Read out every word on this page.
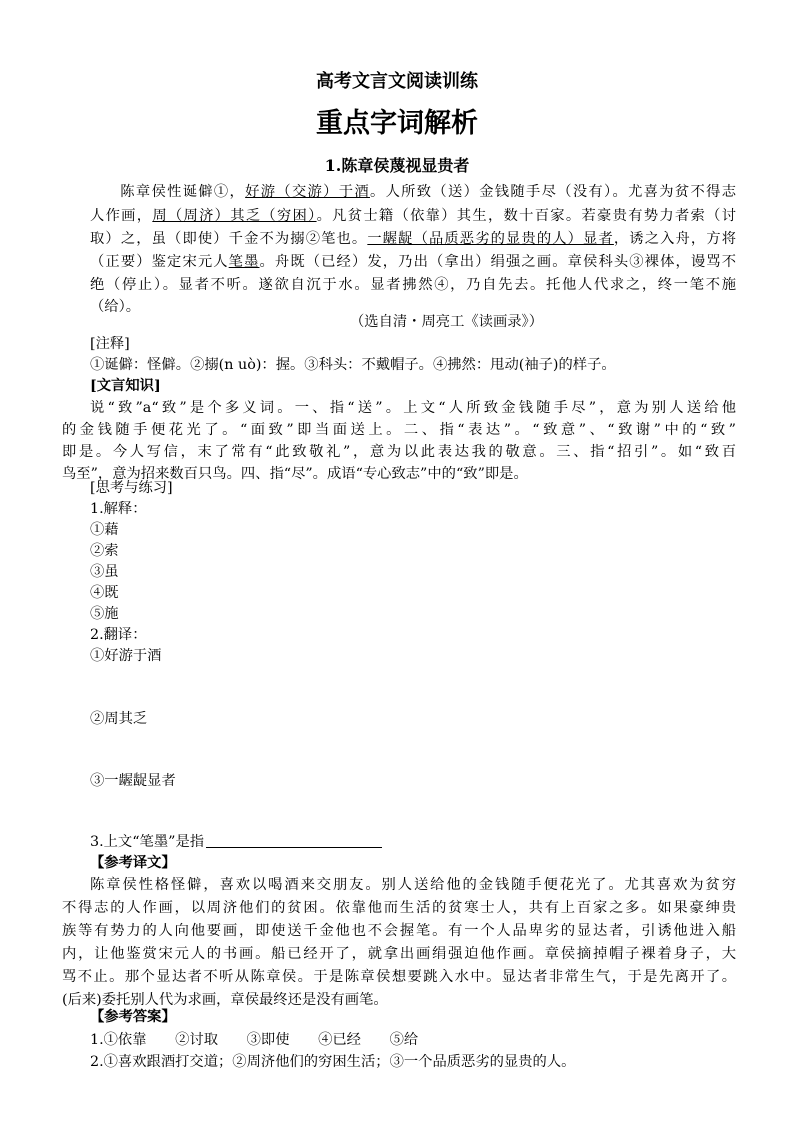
高考文言文阅读训练
重点字词解析
1.陈章侯蔑视显贵者
陈章侯性诞僻①，好游（交游）于酒。人所致（送）金钱随手尽（没有）。尤喜为贫不得志
人作画，周（周济）其乏（穷困）。凡贫士籍（依靠）其生，数十百家。若豪贵有势力者索（讨
取）之，虽（即使）千金不为搦②笔也。一龌龊（品质恶劣的显贵的人）显者，诱之入舟，方将
（正要）鉴定宋元人笔墨。舟既（已经）发，乃出（拿出）绢强之画。章侯科头③裸体，谩骂不
绝（停止）。显者不听。遂欲自沉于水。显者拂然④，乃自先去。托他人代求之，终一笔不施
（给）。
（选自清・周亮工《读画录》）
[注释]
①诞僻：怪僻。②搦(n uò)：握。③科头：不戴帽子。④拂然：甩动(袖子)的样子。
[文言知识]
说“致”a“致”是个多义词。一、指“送”。上文“人所致金钱随手尽”，意为别人送给他
的金钱随手便花光了。“面致”即当面送上。二、指“表达”。“致意”、“致谢”中的“致”
即是。今人写信，末了常有“此致敬礼”，意为以此表达我的敬意。三、指“招引”。如“致百
鸟至”，意为招来数百只鸟。四、指“尽”。成语“专心致志”中的“致”即是。
[思考与练习]
1.解释：
①藉
②索
③虽
④既
⑤施
2.翻译：
①好游于酒
②周其乏
③一龌龊显者
3.上文“笔墨”是指
【参考译文】
陈章侯性格怪僻，喜欢以喝酒来交朋友。别人送给他的金钱随手便花光了。尤其喜欢为贫穷
不得志的人作画，以周济他们的贫困。依靠他而生活的贫寒士人，共有上百家之多。如果豪绅贵
族等有势力的人向他要画，即使送千金他也不会握笔。有一个人品卑劣的显达者，引诱他进入船
内，让他鉴赏宋元人的书画。船已经开了，就拿出画绢强迫他作画。章侯摘掉帽子裸着身子，大
骂不止。那个显达者不听从陈章侯。于是陈章侯想要跳入水中。显达者非常生气，于是先离开了。
(后来)委托别人代为求画，章侯最终还是没有画笔。
【参考答案】
1.①依靠　　②讨取　　③即使　　④已经　　⑤给
2.①喜欢跟酒打交道；②周济他们的穷困生活；③一个品质恶劣的显贵的人。
